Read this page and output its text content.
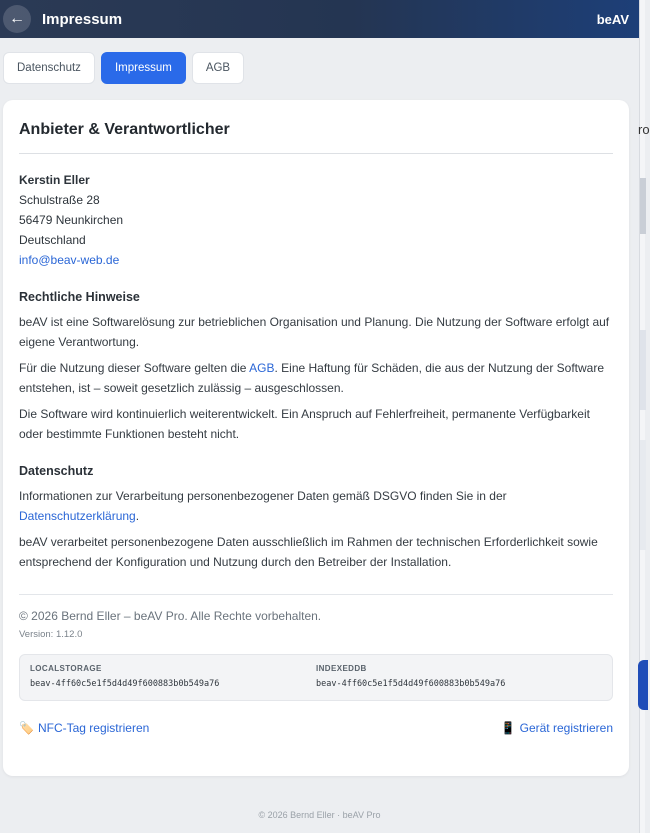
ro
← Impressum	beAV
Datenschutz	Impressum	AGB
Anbieter & Verantwortlicher
Kerstin Eller
Schulstraße 28
56479 Neunkirchen
Deutschland
info@beav-web.de
Rechtliche Hinweise

beAV ist eine Softwarelösung zur betrieblichen Organisation und Planung. Die Nutzung der Software erfolgt auf eigene Verantwortung.

Für die Nutzung dieser Software gelten die AGB. Eine Haftung für Schäden, die aus der Nutzung der Software entstehen, ist – soweit gesetzlich zulässig – ausgeschlossen.

Die Software wird kontinuierlich weiterentwickelt. Ein Anspruch auf Fehlerfreiheit, permanente Verfügbarkeit oder bestimmte Funktionen besteht nicht.

Datenschutz

Informationen zur Verarbeitung personenbezogener Daten gemäß DSGVO finden Sie in der Datenschutzerklärung.

beAV verarbeitet personenbezogene Daten ausschließlich im Rahmen der technischen Erforderlichkeit sowie entsprechend der Konfiguration und Nutzung durch den Betreiber der Installation.

© 2026 Bernd Eller – beAV Pro. Alle Rechte vorbehalten.
Version: 1.12.0
LOCALSTORAGE
beav-4ff60c5e1f5d4d49f600883b0b549a76
INDEXEDDB
beav-4ff60c5e1f5d4d49f600883b0b549a76
🏷️ NFC-Tag registrieren	📱 Gerät registrieren
© 2026 Bernd Eller · beAV Pro
